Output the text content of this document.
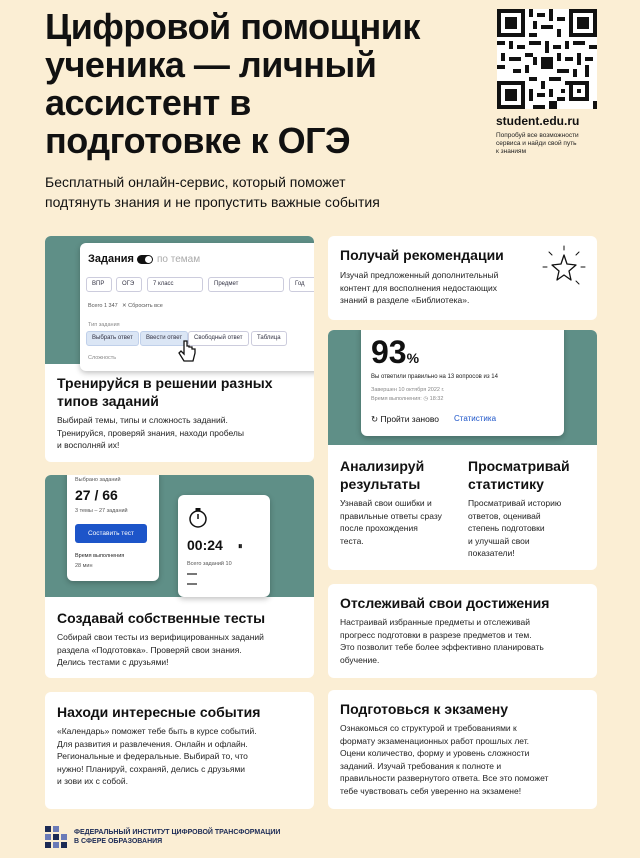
Цифровой помощник
ученика — личный
ассистент в
подготовке к ОГЭ
Бесплатный онлайн-сервис, который поможет
подтянуть знания и не пропустить важные события
student.edu.ru
Попробуй все возможности
сервиса и найди свой путь
к знаниям
Задания по темам
ВПР	ОГЭ	7 класс	Предмет	Год
Всего 1 347 ✕ Сбросить все
Тип задания
Выбрать ответ	Ввести ответ	Свободный ответ	Таблица
Сложность
Тренируйся в решении разных
типов заданий

Выбирай темы, типы и сложность заданий.
Тренируйся, проверяй знания, находи пробелы
и восполняй их!

Получай рекомендации

Изучай предложенный дополнительный
контент для восполнения недостающих
знаний в разделе «Библиотека».

93%
Вы ответили правильно на 13 вопросов из 14
Завершен 10 октября 2022 г.
Время выполнения: ◷ 18:32
↻ Пройти заново Статистика
Анализируй
результаты

Узнавай свои ошибки и
правильные ответы сразу
после прохождения
теста.

Просматривай
статистику

Просматривай историю
ответов, оценивай
степень подготовки
и улучшай свои
показатели!

Выбрано заданий
27 / 66
3 темы – 27 заданий
Составить тест
Время выполнения
28 мин
00:24 ⏸
Всего заданий 10
Создавай собственные тесты

Собирай свои тесты из верифицированных заданий
раздела «Подготовка». Проверяй свои знания.
Делись тестами с друзьями!

Отслеживай свои достижения

Настраивай избранные предметы и отслеживай
прогресс подготовки в разрезе предметов и тем.
Это позволит тебе более эффективно планировать
обучение.

Находи интересные события

«Календарь» поможет тебе быть в курсе событий.
Для развития и развлечения. Онлайн и офлайн.
Региональные и федеральные. Выбирай то, что
нужно! Планируй, сохраняй, делись с друзьями
и зови их с собой.

Подготовься к экзамену

Ознакомься со структурой и требованиями к
формату экзаменационных работ прошлых лет.
Оцени количество, форму и уровень сложности
заданий. Изучай требования к полноте и
правильности развернутого ответа. Все это поможет
тебе чувствовать себя уверенно на экзамене!

ФЕДЕРАЛЬНЫЙ ИНСТИТУТ ЦИФРОВОЙ ТРАНСФОРМАЦИИ
В СФЕРЕ ОБРАЗОВАНИЯ
